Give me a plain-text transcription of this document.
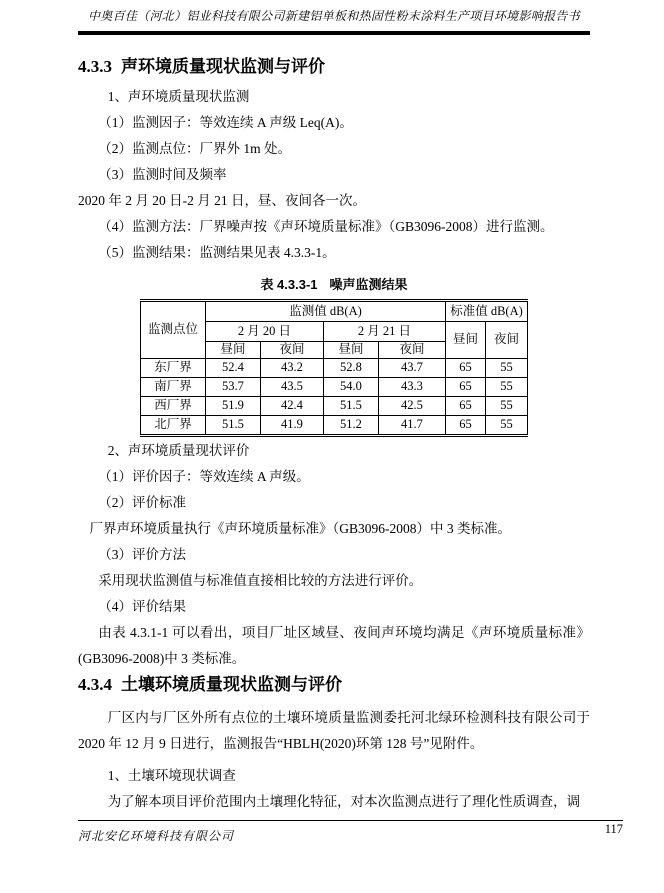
中奥百佳（河北）铝业科技有限公司新建铝单板和热固性粉末涂料生产项目环境影响报告书
4.3.3 声环境质量现状监测与评价

1、声环境质量现状监测

（1）监测因子：等效连续 A 声级 Leq(A)。

（2）监测点位：厂界外 1m 处。

（3）监测时间及频率

2020 年 2 月 20 日-2 月 21 日，昼、夜间各一次。

（4）监测方法：厂界噪声按《声环境质量标准》（GB3096-2008）进行监测。

（5）监测结果：监测结果见表 4.3.3-1。

表 4.3.3-1 噪声监测结果
监测点位	监测值 dB(A)				标准值 dB(A)	
	2 月 20 日		2 月 21 日		昼间	夜间
	昼间	夜间	昼间	夜间		
东厂界	52.4	43.2	52.8	43.7	65	55
南厂界	53.7	43.5	54.0	43.3	65	55
西厂界	51.9	42.4	51.5	42.5	65	55
北厂界	51.5	41.9	51.2	41.7	65	55

2、声环境质量现状评价

（1）评价因子：等效连续 A 声级。

（2）评价标准

厂界声环境质量执行《声环境质量标准》（GB3096-2008）中 3 类标准。

（3）评价方法

采用现状监测值与标准值直接相比较的方法进行评价。

（4）评价结果

由表 4.3.1-1 可以看出，项目厂址区域昼、夜间声环境均满足《声环境质量标准》(GB3096-2008)中 3 类标准。

4.3.4 土壤环境质量现状监测与评价

厂区内与厂区外所有点位的土壤环境质量监测委托河北绿环检测科技有限公司于 2020 年 12 月 9 日进行，监测报告“HBLH(2020)环第 128 号”见附件。

1、土壤环境现状调查

为了解本项目评价范围内土壤理化特征，对本次监测点进行了理化性质调查，调

河北安亿环境科技有限公司	117
